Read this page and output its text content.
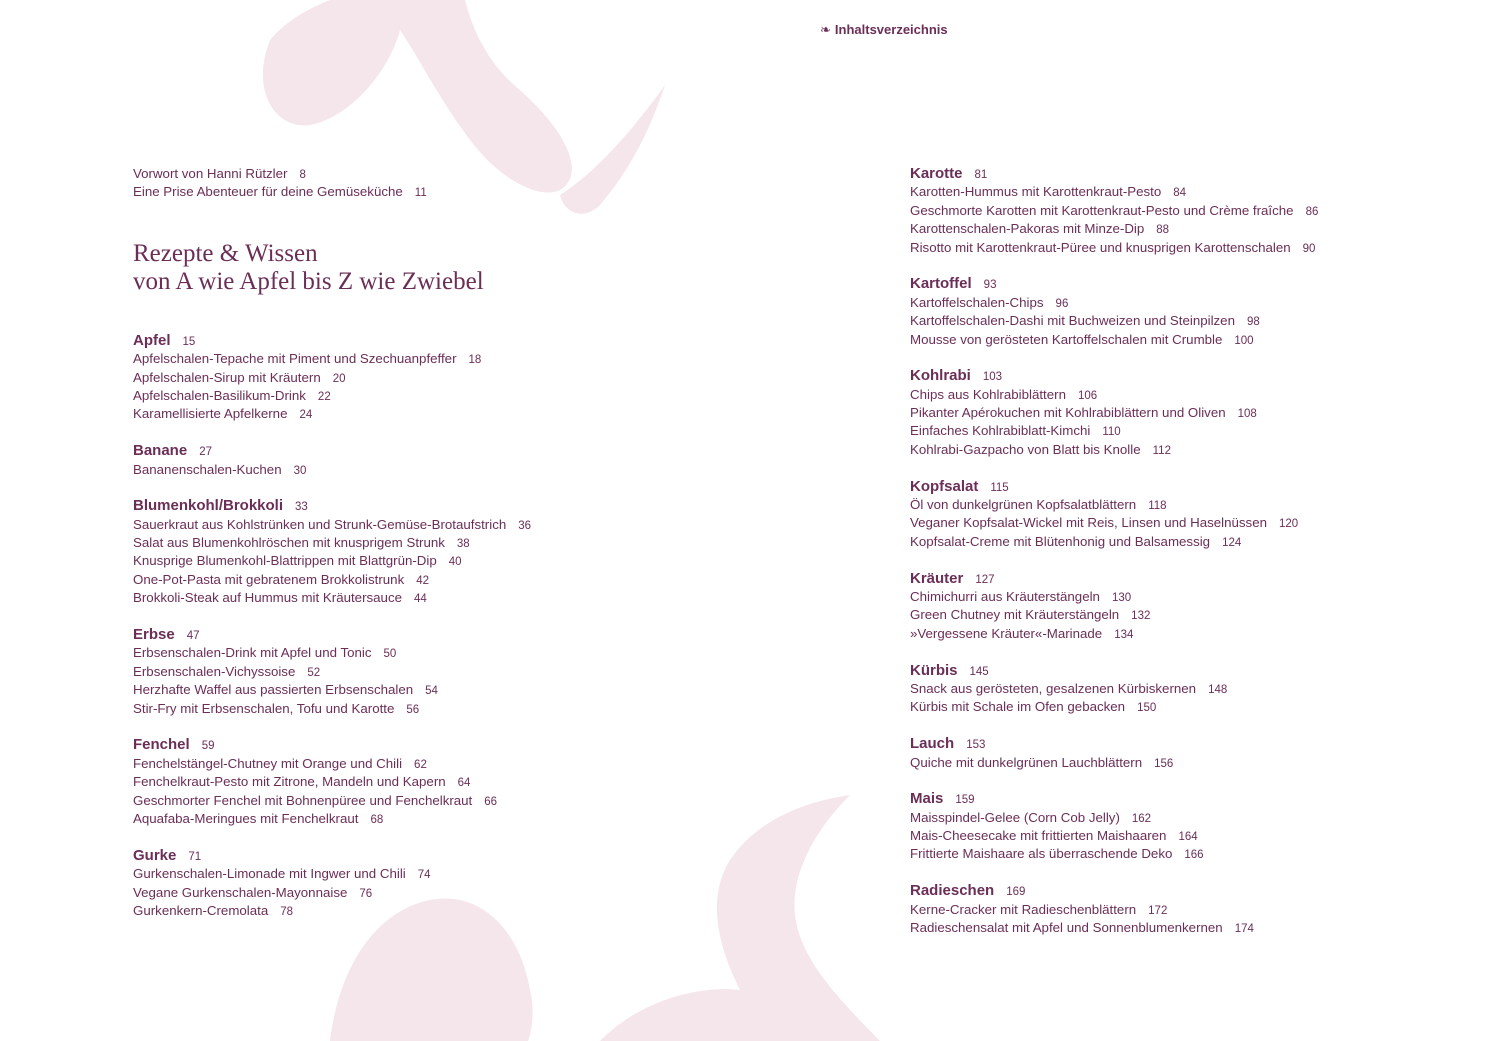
❧ Inhaltsverzeichnis
Vorwort von Hanni Rützler 8
Eine Prise Abenteuer für deine Gemüseküche 11
Rezepte & Wissen
von A wie Apfel bis Z wie Zwiebel
Apfel 15
Apfelschalen-Tepache mit Piment und Szechuanpfeffer 18
Apfelschalen-Sirup mit Kräutern 20
Apfelschalen-Basilikum-Drink 22
Karamellisierte Apfelkerne 24
Banane 27
Bananenschalen-Kuchen 30
Blumenkohl/Brokkoli 33
Sauerkraut aus Kohlstrünken und Strunk-Gemüse-Brotaufstrich 36
Salat aus Blumenkohlröschen mit knusprigem Strunk 38
Knusprige Blumenkohl-Blattrippen mit Blattgrün-Dip 40
One-Pot-Pasta mit gebratenem Brokkolistrunk 42
Brokkoli-Steak auf Hummus mit Kräutersauce 44
Erbse 47
Erbsenschalen-Drink mit Apfel und Tonic 50
Erbsenschalen-Vichyssoise 52
Herzhafte Waffel aus passierten Erbsenschalen 54
Stir-Fry mit Erbsenschalen, Tofu und Karotte 56
Fenchel 59
Fenchelstängel-Chutney mit Orange und Chili 62
Fenchelkraut-Pesto mit Zitrone, Mandeln und Kapern 64
Geschmorter Fenchel mit Bohnenpüree und Fenchelkraut 66
Aquafaba-Meringues mit Fenchelkraut 68
Gurke 71
Gurkenschalen-Limonade mit Ingwer und Chili 74
Vegane Gurkenschalen-Mayonnaise 76
Gurkenkern-Cremolata 78
Karotte 81
Karotten-Hummus mit Karottenkraut-Pesto 84
Geschmorte Karotten mit Karottenkraut-Pesto und Crème fraîche 86
Karottenschalen-Pakoras mit Minze-Dip 88
Risotto mit Karottenkraut-Püree und knusprigen Karottenschalen 90
Kartoffel 93
Kartoffelschalen-Chips 96
Kartoffelschalen-Dashi mit Buchweizen und Steinpilzen 98
Mousse von gerösteten Kartoffelschalen mit Crumble 100
Kohlrabi 103
Chips aus Kohlrabiblättern 106
Pikanter Apérokuchen mit Kohlrabiblättern und Oliven 108
Einfaches Kohlrabiblatt-Kimchi 110
Kohlrabi-Gazpacho von Blatt bis Knolle 112
Kopfsalat 115
Öl von dunkelgrünen Kopfsalatblättern 118
Veganer Kopfsalat-Wickel mit Reis, Linsen und Haselnüssen 120
Kopfsalat-Creme mit Blütenhonig und Balsamessig 124
Kräuter 127
Chimichurri aus Kräuterstängeln 130
Green Chutney mit Kräuterstängeln 132
»Vergessene Kräuter«-Marinade 134
Kürbis 145
Snack aus gerösteten, gesalzenen Kürbiskernen 148
Kürbis mit Schale im Ofen gebacken 150
Lauch 153
Quiche mit dunkelgrünen Lauchblättern 156
Mais 159
Maisspindel-Gelee (Corn Cob Jelly) 162
Mais-Cheesecake mit frittierten Maishaaren 164
Frittierte Maishaare als überraschende Deko 166
Radieschen 169
Kerne-Cracker mit Radieschenblättern 172
Radieschensalat mit Apfel und Sonnenblumenkernen 174
